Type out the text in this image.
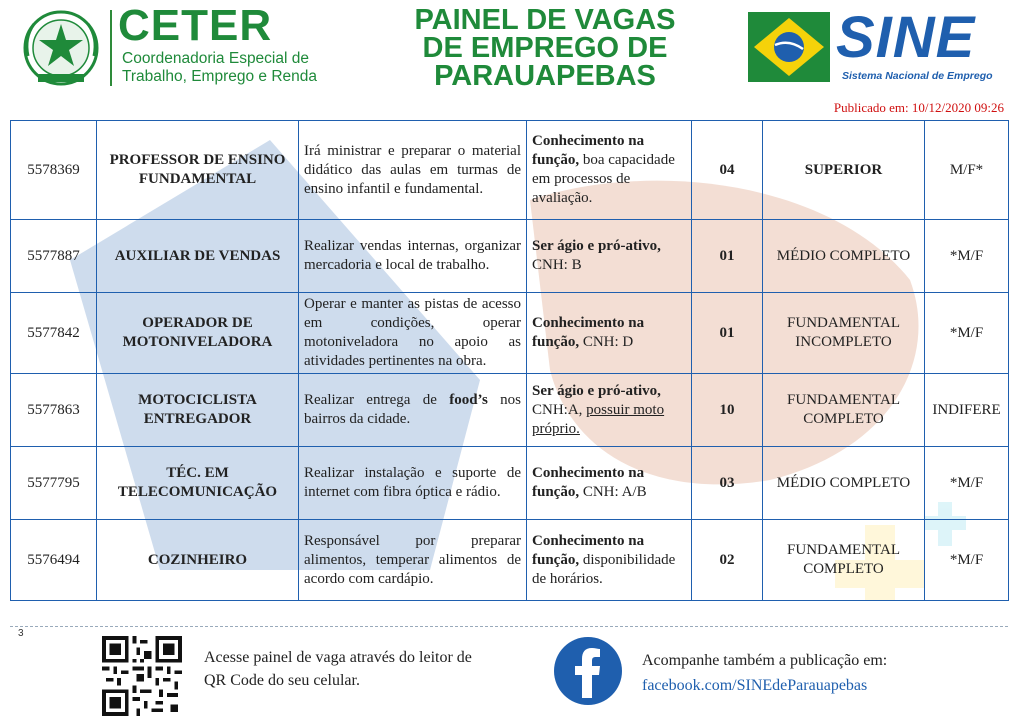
CETER
Coordenadoria Especial de
Trabalho, Emprego e Renda
PAINEL DE VAGAS
DE EMPREGO DE
PARAUAPEBAS
SINE
Sistema Nacional de Emprego
Publicado em: 10/12/2020 09:26
5578369	PROFESSOR DE ENSINO FUNDAMENTAL	Irá ministrar e preparar o material didático das aulas em turmas de ensino infantil e fundamental.	Conhecimento na função, boa capacidade em processos de avaliação.	04	SUPERIOR	M/F*
5577887	AUXILIAR DE VENDAS	Realizar vendas internas, organizar mercadoria e local de trabalho.	Ser ágio e pró-ativo, CNH: B	01	MÉDIO COMPLETO	*M/F
5577842	OPERADOR DE MOTONIVELADORA	Operar e manter as pistas de acesso em condições, operar motoniveladora no apoio as atividades pertinentes na obra.	Conhecimento na função, CNH: D	01	FUNDAMENTAL INCOMPLETO	*M/F
5577863	MOTOCICLISTA ENTREGADOR	Realizar entrega de food’s nos bairros da cidade.	Ser ágio e pró-ativo, CNH:A, possuir moto próprio.	10	FUNDAMENTAL COMPLETO	INDIFERE
5577795	TÉC. EM TELECOMUNICAÇÃO	Realizar instalação e suporte de internet com fibra óptica e rádio.	Conhecimento na função, CNH: A/B	03	MÉDIO COMPLETO	*M/F
5576494	COZINHEIRO	Responsável por preparar alimentos, temperar alimentos de acordo com cardápio.	Conhecimento na função, disponibilidade de horários.	02	FUNDAMENTAL COMPLETO	*M/F
3
Acesse painel de vaga através do leitor de
QR Code do seu celular.
Acompanhe também a publicação em:
facebook.com/SINEdeParauapebas
